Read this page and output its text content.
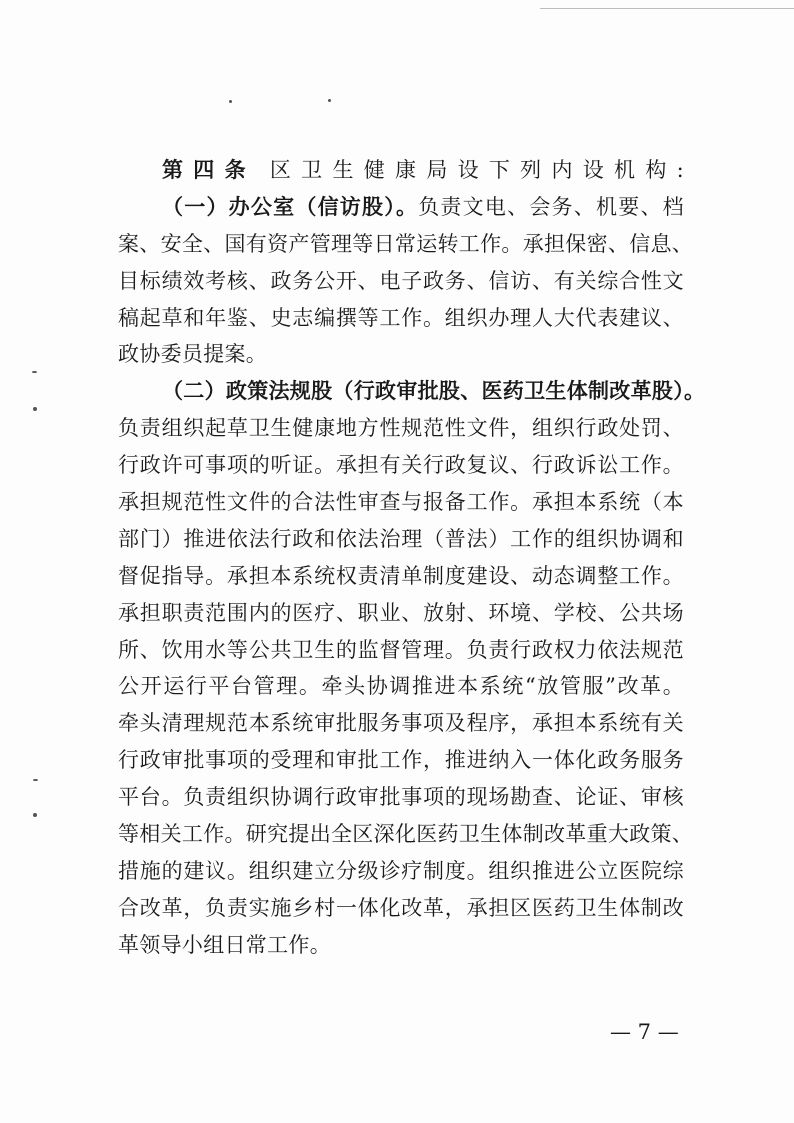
第四条 区卫生健康局设下列内设机构:
（一）办公室（信访股）。负责文电、会务、机要、档
案、安全、国有资产管理等日常运转工作。承担保密、信息、
目标绩效考核、政务公开、电子政务、信访、有关综合性文
稿起草和年鉴、史志编撰等工作。组织办理人大代表建议、
政协委员提案。
（二）政策法规股（行政审批股、医药卫生体制改革股）。
负责组织起草卫生健康地方性规范性文件，组织行政处罚、
行政许可事项的听证。承担有关行政复议、行政诉讼工作。
承担规范性文件的合法性审查与报备工作。承担本系统（本
部门）推进依法行政和依法治理（普法）工作的组织协调和
督促指导。承担本系统权责清单制度建设、动态调整工作。
承担职责范围内的医疗、职业、放射、环境、学校、公共场
所、饮用水等公共卫生的监督管理。负责行政权力依法规范
公开运行平台管理。牵头协调推进本系统“放管服”改革。
牵头清理规范本系统审批服务事项及程序，承担本系统有关
行政审批事项的受理和审批工作，推进纳入一体化政务服务
平台。负责组织协调行政审批事项的现场勘查、论证、审核
等相关工作。研究提出全区深化医药卫生体制改革重大政策、
措施的建议。组织建立分级诊疗制度。组织推进公立医院综
合改革，负责实施乡村一体化改革，承担区医药卫生体制改
革领导小组日常工作。
— 7 —
